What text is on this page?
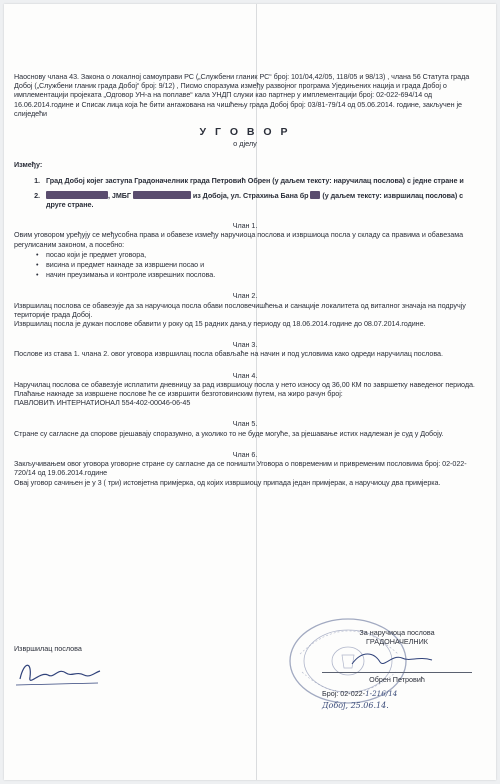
Наоснову члана 43. Закона о локалној самоуправи РС („Службени гланик РС“ број: 101/04,42/05, 118/05 и 98/13) , члана 56 Статута града Добој („Службени гланик града Добој“ број: 9/12) , Писмо споразума између развојног програма Уједињених нација и града Добој о имплементацији пројеката „Одговор УН-а на поплаве“ кала УНДП служи као партнер у имплементацији број: 02-022-694/14 од 16.06.2014.године и Списак лица која ће бити ангажована на чишћењу града Добој број: 03/81-79/14 од 05.06.2014. године, закључен је слиједећи

У Г О В О Р
о дјелу
Између:
1. Град Добој којег заступа Градоначелник града Петровић Обрен (у даљем тексту: наручилац послова) с једне стране и
2.	, ЈМБГ	из Добоја, ул. Страхиња Бана бр  (у даљем тексту: извршилац послова) с друге стране.
Члан 1.

Овим уговором уређују се међусобна права и обавезе између наручиоца послова и извршиоца посла у складу са правима и обавезама регулисаним законом, а посебно:

• посао који је предмет уговора,
• висина и предмет накнаде за извршени посао и
• начин преузимања и контроле изврешних послова.
Члан 2.

Извршилац послова се обавезује да за наручиоца посла обави пословечишћења и санације локалитета од виталног значаја на подручју територије града Добој.

Извршилац посла је дужан послове обавити у року од 15 радних дана,у периоду од 18.06.2014.године до 08.07.2014.године.

Члан 3.

Послове из става 1. члана 2. овог уговора извршилац посла обављаће на начин и под условима како одреди наручилац послова.

Члан 4.

Наручилац послова се обавезује исплатити дневницу за рад извршиоцу посла у нето износу од 36,00 КМ по завршетку наведеног периода.

Плаћање накнаде за извршене послове ће се извршити безготовинским путем, на жиро рачун број:

ПАВЛОВИЋ ИНТЕРНАТИОНАЛ 554-402-00046-06-45

Члан 5.

Стране су сагласне да спорове рјешавају споразумно, а уколико то не буде могуће, за рјешавање истих надлежан је суд у Добоју.

Члан 6.

Закључивањем овог уговора уговорне стране су сагласне да се поништи Уговора о повременим и привременим пословима број: 02-022-720/14 од 19.06.2014.године

Овај уговор сачињен је у 3 ( три) истовјетна примјерка, од којих извршиоцу припада један примјерак, а наручиоцу два примјерка.

Извршилац послова
За наручиоца послова
ГРАДОНАЧЕЛНИК
Обрен Петровић
Број: 02-022-1-216/14
Добој, 25.06.14.
